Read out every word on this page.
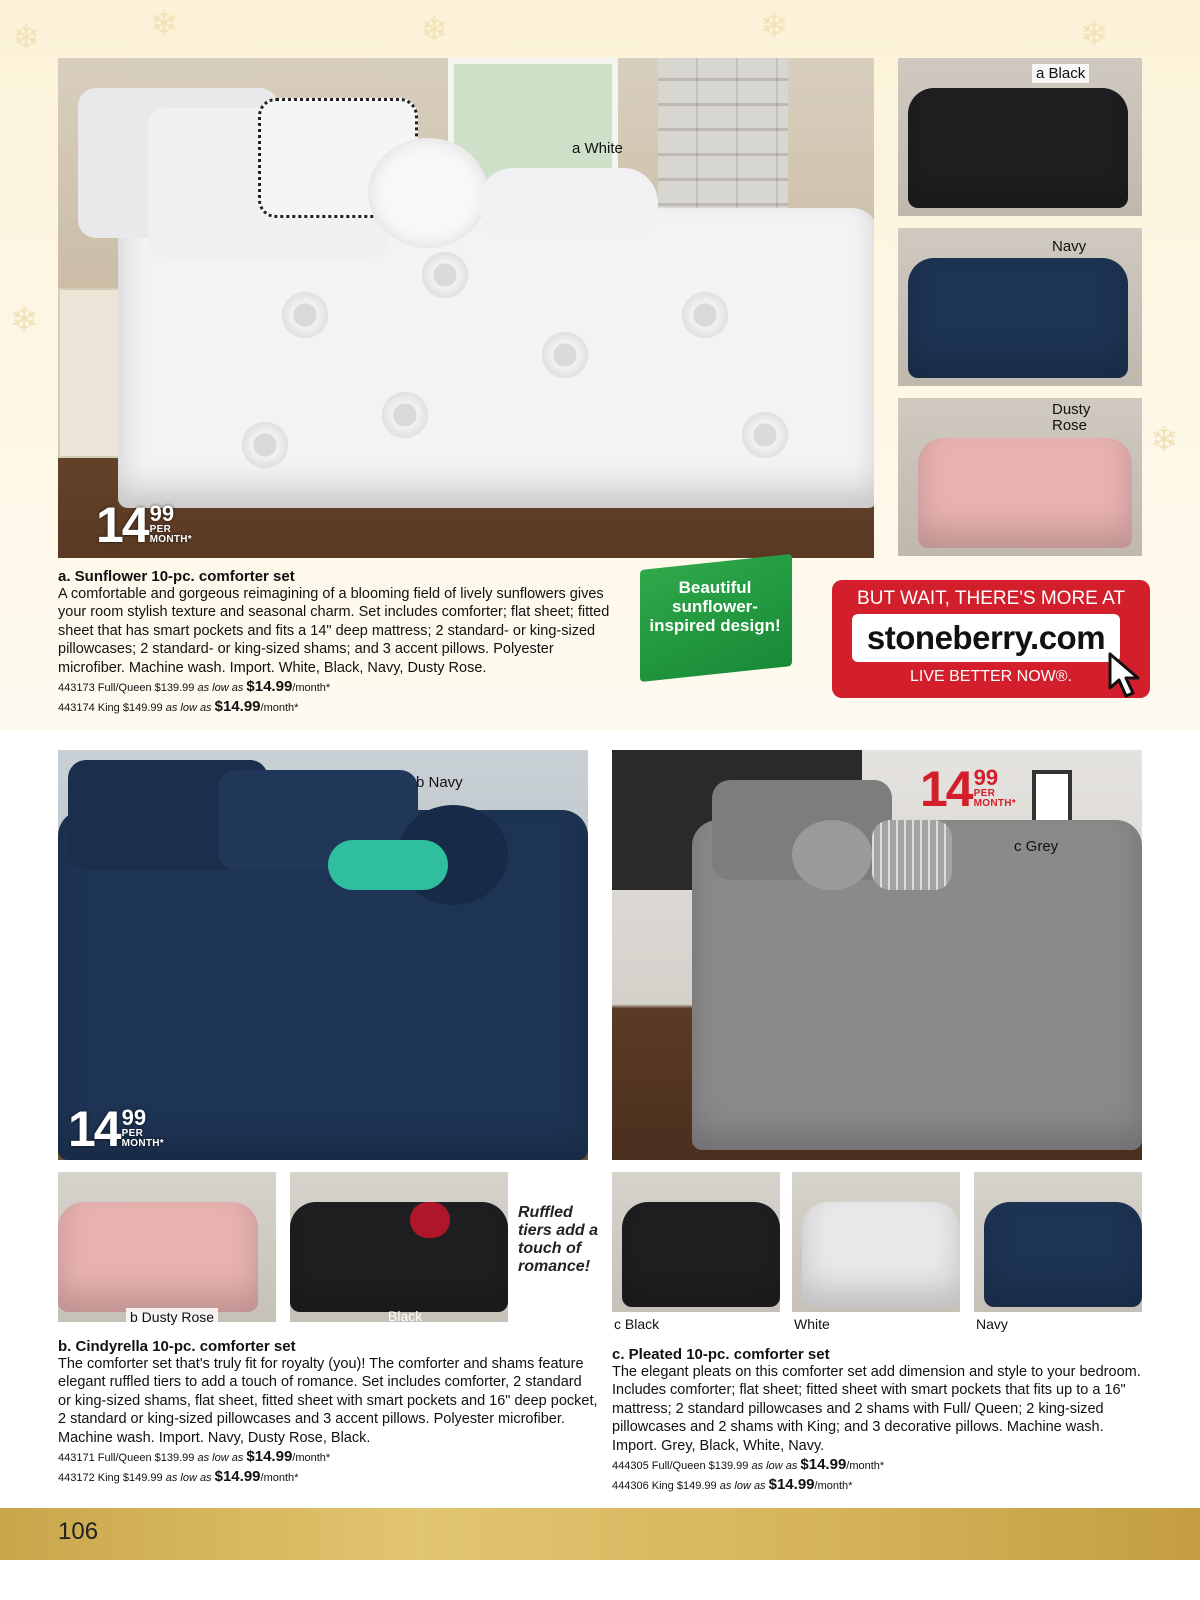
❄	❄	❄	❄	❄
❄
❄
a White
14 99
PER
MONTH*
a Black
Navy
Dusty
Rose
a. Sunflower 10-pc. comforter set
A comfortable and gorgeous reimagining of a blooming field of lively sunflowers gives your room stylish texture and seasonal charm. Set includes comforter; flat sheet; fitted sheet that has smart pockets and fits a 14" deep mattress; 2 standard- or king-sized pillowcases; 2 standard- or king-sized shams; and 3 accent pillows. Polyester microfiber. Machine wash. Import. White, Black, Navy, Dusty Rose.
443173 Full/Queen $139.99 as low as $14.99/month*
443174 King $149.99 as low as $14.99/month*
Beautiful sunflower-inspired design!
BUT WAIT, THERE'S MORE AT
stoneberry.com
LIVE BETTER NOW®.
b Navy
14 99
PER
MONTH*
b Dusty Rose	Black
Ruffled tiers add a touch of romance!
b. Cindyrella 10-pc. comforter set
The comforter set that's truly fit for royalty (you)! The comforter and shams feature elegant ruffled tiers to add a touch of romance. Set includes comforter, 2 standard or king-sized shams, flat sheet, fitted sheet with smart pockets and 16" deep pocket, 2 standard or king-sized pillowcases and 3 accent pillows. Polyester microfiber. Machine wash. Import. Navy, Dusty Rose, Black.
443171 Full/Queen $139.99 as low as $14.99/month*
443172 King $149.99 as low as $14.99/month*
c Grey
14 99
PER
MONTH*
c Black	White	Navy
c. Pleated 10-pc. comforter set
The elegant pleats on this comforter set add dimension and style to your bedroom. Includes comforter; flat sheet; fitted sheet with smart pockets that fits up to a 16" mattress; 2 standard pillowcases and 2 shams with Full/ Queen; 2 king-sized pillowcases and 2 shams with King; and 3 decorative pillows. Machine wash. Import. Grey, Black, White, Navy.
444305 Full/Queen $139.99 as low as $14.99/month*
444306 King $149.99 as low as $14.99/month*
106
